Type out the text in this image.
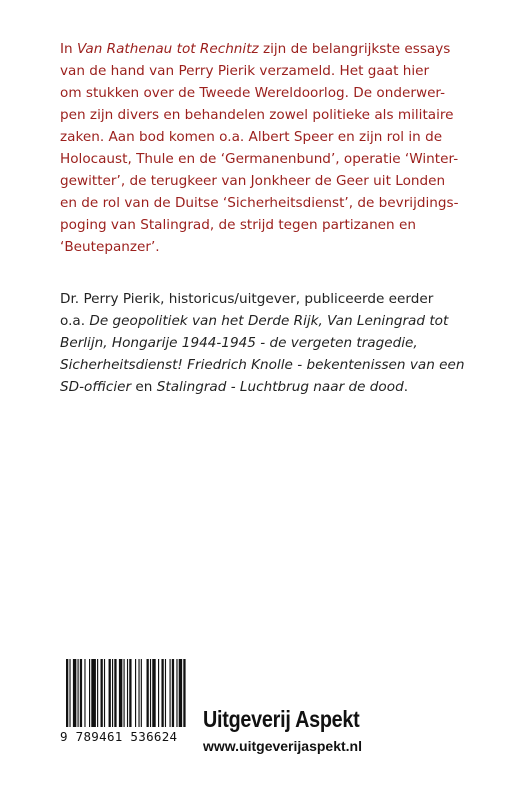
In Van Rathenau tot Rechnitz zijn de belangrijkste essays
van de hand van Perry Pierik verzameld. Het gaat hier
om stukken over de Tweede Wereldoorlog. De onderwer-
pen zijn divers en behandelen zowel politieke als militaire
zaken. Aan bod komen o.a. Albert Speer en zijn rol in de
Holocaust, Thule en de ‘Germanenbund’, operatie ‘Winter-
gewitter’, de terugkeer van Jonkheer de Geer uit Londen
en de rol van de Duitse ‘Sicherheitsdienst’, de bevrijdings-
poging van Stalingrad, de strijd tegen partizanen en
‘Beutepanzer’.
Dr. Perry Pierik, historicus/uitgever, publiceerde eerder
o.a. De geopolitiek van het Derde Rijk, Van Leningrad tot
Berlijn, Hongarije 1944-1945 - de vergeten tragedie,
Sicherheitsdienst! Friedrich Knolle - bekentenissen van een
SD-officier en Stalingrad - Luchtbrug naar de dood.
9 789461 536624
Uitgeverij Aspekt
www.uitgeverijaspekt.nl
